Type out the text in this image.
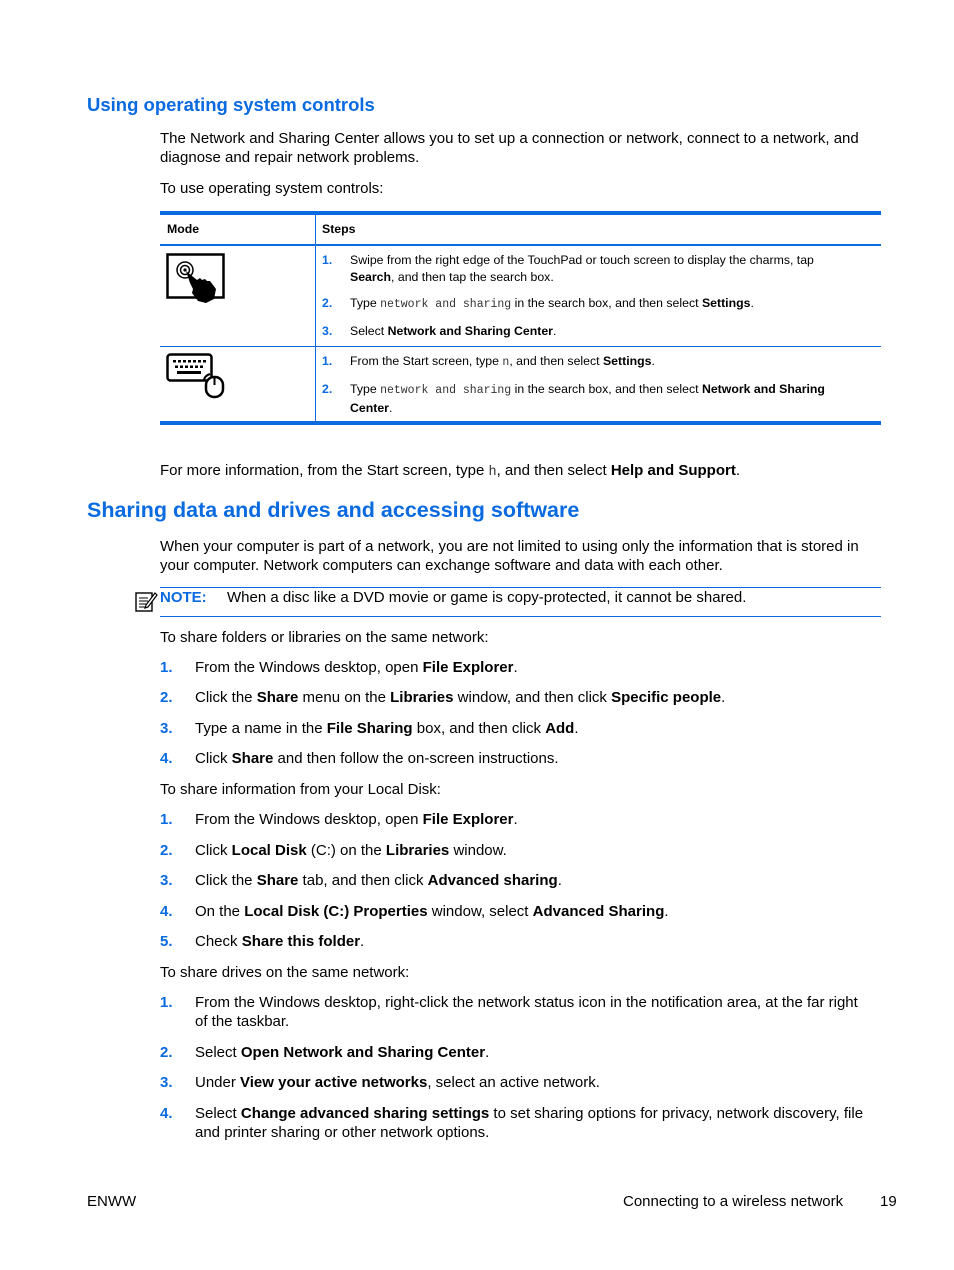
Using operating system controls
The Network and Sharing Center allows you to set up a connection or network, connect to a network, and diagnose and repair network problems.
To use operating system controls:
Mode	Steps
1. Swipe from the right edge of the TouchPad or touch screen to display the charms, tap Search, and then tap the search box.
2. Type network and sharing in the search box, and then select Settings.
3. Select Network and Sharing Center.
1. From the Start screen, type n, and then select Settings.
2. Type network and sharing in the search box, and then select Network and Sharing Center.
For more information, from the Start screen, type h, and then select Help and Support.
Sharing data and drives and accessing software
When your computer is part of a network, you are not limited to using only the information that is stored in your computer. Network computers can exchange software and data with each other.
NOTE: When a disc like a DVD movie or game is copy-protected, it cannot be shared.
To share folders or libraries on the same network:
1. From the Windows desktop, open File Explorer.
2. Click the Share menu on the Libraries window, and then click Specific people.
3. Type a name in the File Sharing box, and then click Add.
4. Click Share and then follow the on-screen instructions.
To share information from your Local Disk:
1. From the Windows desktop, open File Explorer.
2. Click Local Disk (C:) on the Libraries window.
3. Click the Share tab, and then click Advanced sharing.
4. On the Local Disk (C:) Properties window, select Advanced Sharing.
5. Check Share this folder.
To share drives on the same network:
1. From the Windows desktop, right-click the network status icon in the notification area, at the far right of the taskbar.
2. Select Open Network and Sharing Center.
3. Under View your active networks, select an active network.
4. Select Change advanced sharing settings to set sharing options for privacy, network discovery, file and printer sharing or other network options.
ENWW	Connecting to a wireless network 19
